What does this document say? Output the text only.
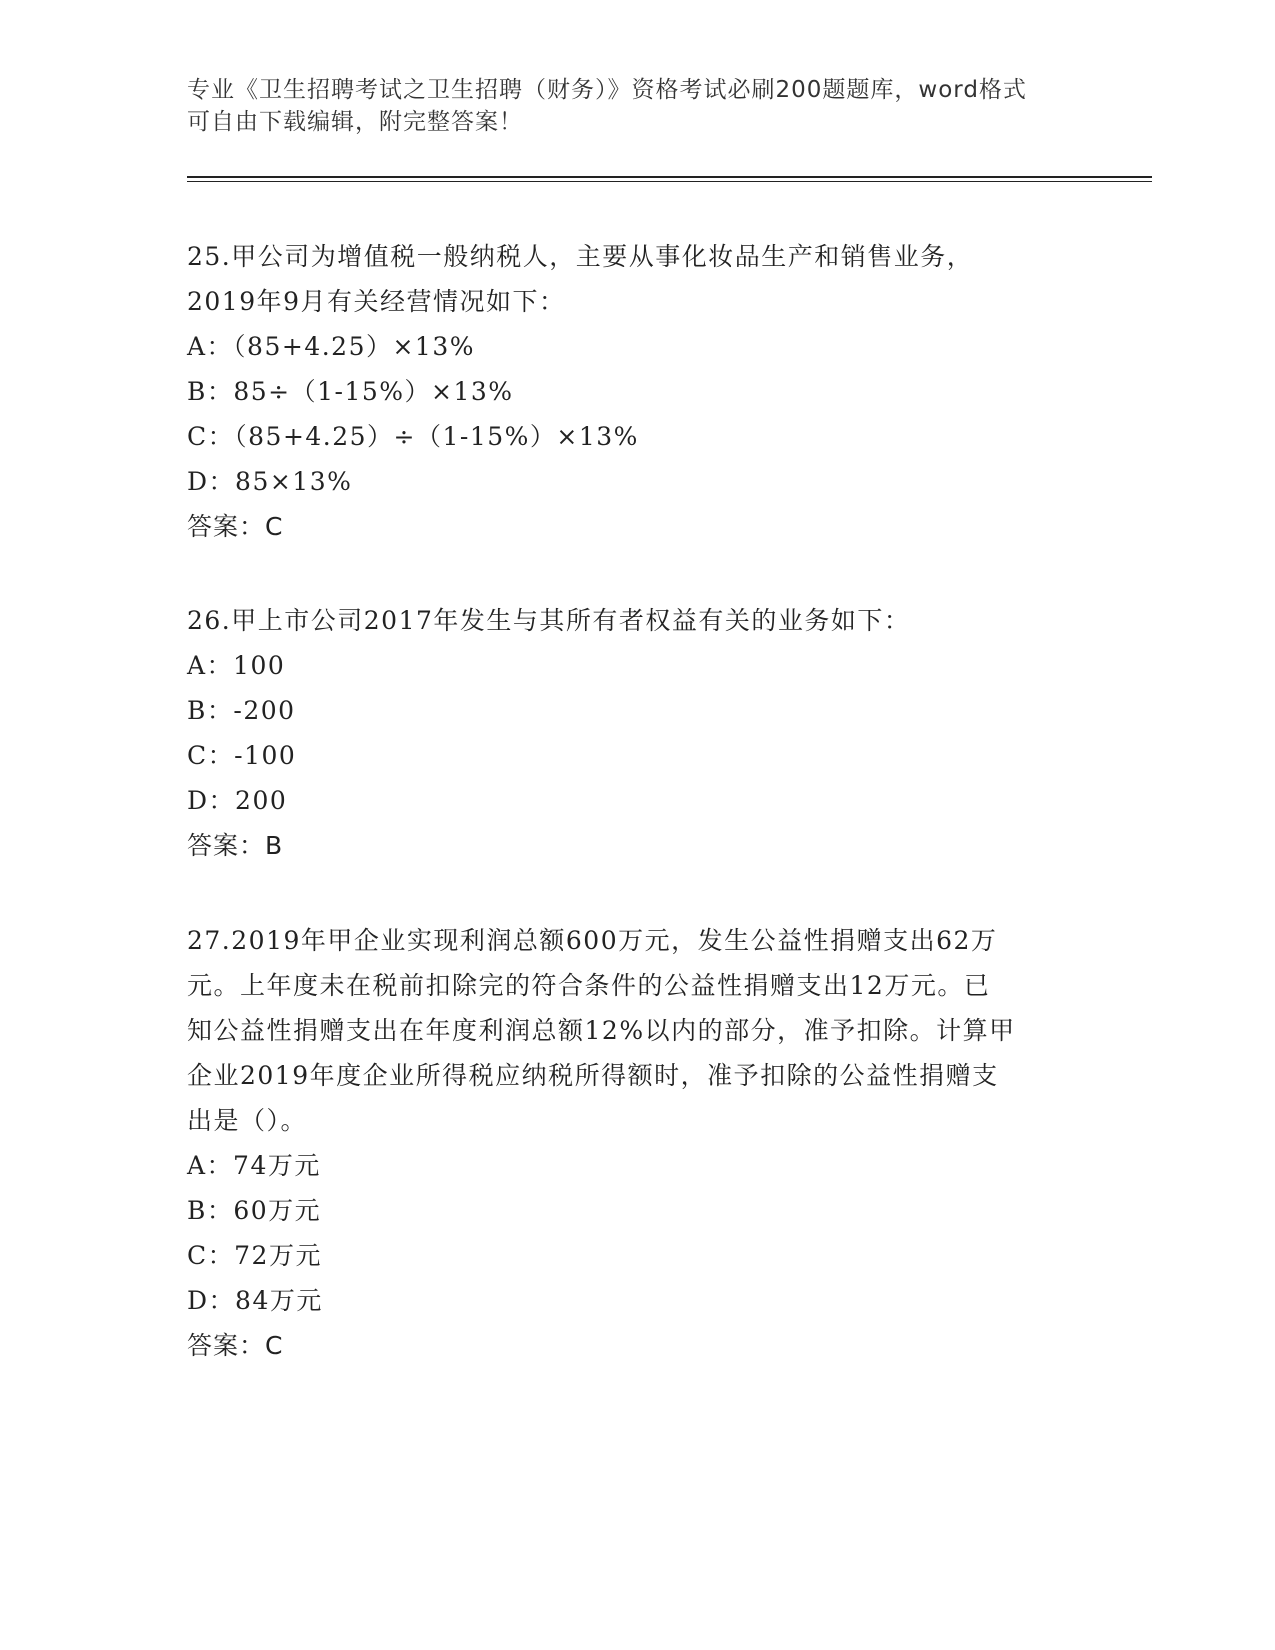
专业《卫生招聘考试之卫生招聘（财务）》资格考试必刷200题题库，word格式
可自由下载编辑，附完整答案！
25.甲公司为增值税一般纳税人，主要从事化妆品生产和销售业务，
2019年9月有关经营情况如下：
A：（85+4.25）×13%
B：85÷（1-15%）×13%
C：（85+4.25）÷（1-15%）×13%
D：85×13%
答案：C
26.甲上市公司2017年发生与其所有者权益有关的业务如下：
A：100
B：-200
C：-100
D：200
答案：B
27.2019年甲企业实现利润总额600万元，发生公益性捐赠支出62万
元。上年度未在税前扣除完的符合条件的公益性捐赠支出12万元。已
知公益性捐赠支出在年度利润总额12%以内的部分，准予扣除。计算甲
企业2019年度企业所得税应纳税所得额时，准予扣除的公益性捐赠支
出是（）。
A：74万元
B：60万元
C：72万元
D：84万元
答案：C
